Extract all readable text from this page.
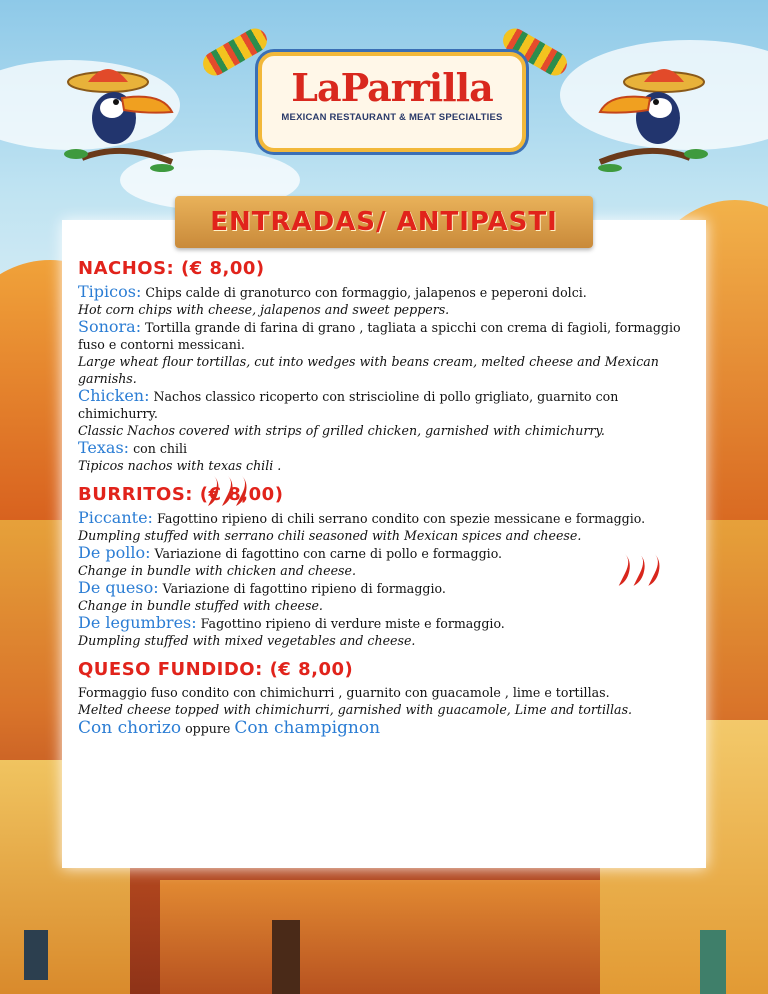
LaParrilla
MEXICAN RESTAURANT & MEAT SPECIALTIES
ENTRADAS/ ANTIPASTI
NACHOS: (€ 8,00)

Tipicos: Chips calde di granoturco con formaggio, jalapenos e peperoni dolci.

Hot corn chips with cheese, jalapenos and sweet peppers.

Sonora: Tortilla grande di farina di grano , tagliata a spicchi con crema di fagioli, formaggio fuso e contorni messicani.

Large wheat flour tortillas, cut into wedges with beans cream, melted cheese and Mexican garnishs.

Chicken: Nachos classico ricoperto con striscioline di pollo grigliato, guarnito con chimichurry.

Classic Nachos covered with strips of grilled chicken, garnished with chimichurry.

Texas: con chili

Tipicos nachos with texas chili .

BURRITOS: (€ 8,00)

Piccante: Fagottino ripieno di chili serrano condito con spezie messicane e formaggio.

Dumpling stuffed with serrano chili seasoned with Mexican spices and cheese.

De pollo: Variazione di fagottino con carne di pollo e formaggio.

Change in bundle with chicken and cheese.

De queso: Variazione di fagottino ripieno di formaggio.

Change in bundle stuffed with cheese.

De legumbres: Fagottino ripieno di verdure miste e formaggio.

Dumpling stuffed with mixed vegetables and cheese.

QUESO FUNDIDO: (€ 8,00)

Formaggio fuso condito con chimichurri , guarnito con guacamole , lime e tortillas.

Melted cheese topped with chimichurri, garnished with guacamole, Lime and tortillas.

Con chorizo oppure Con champignon
